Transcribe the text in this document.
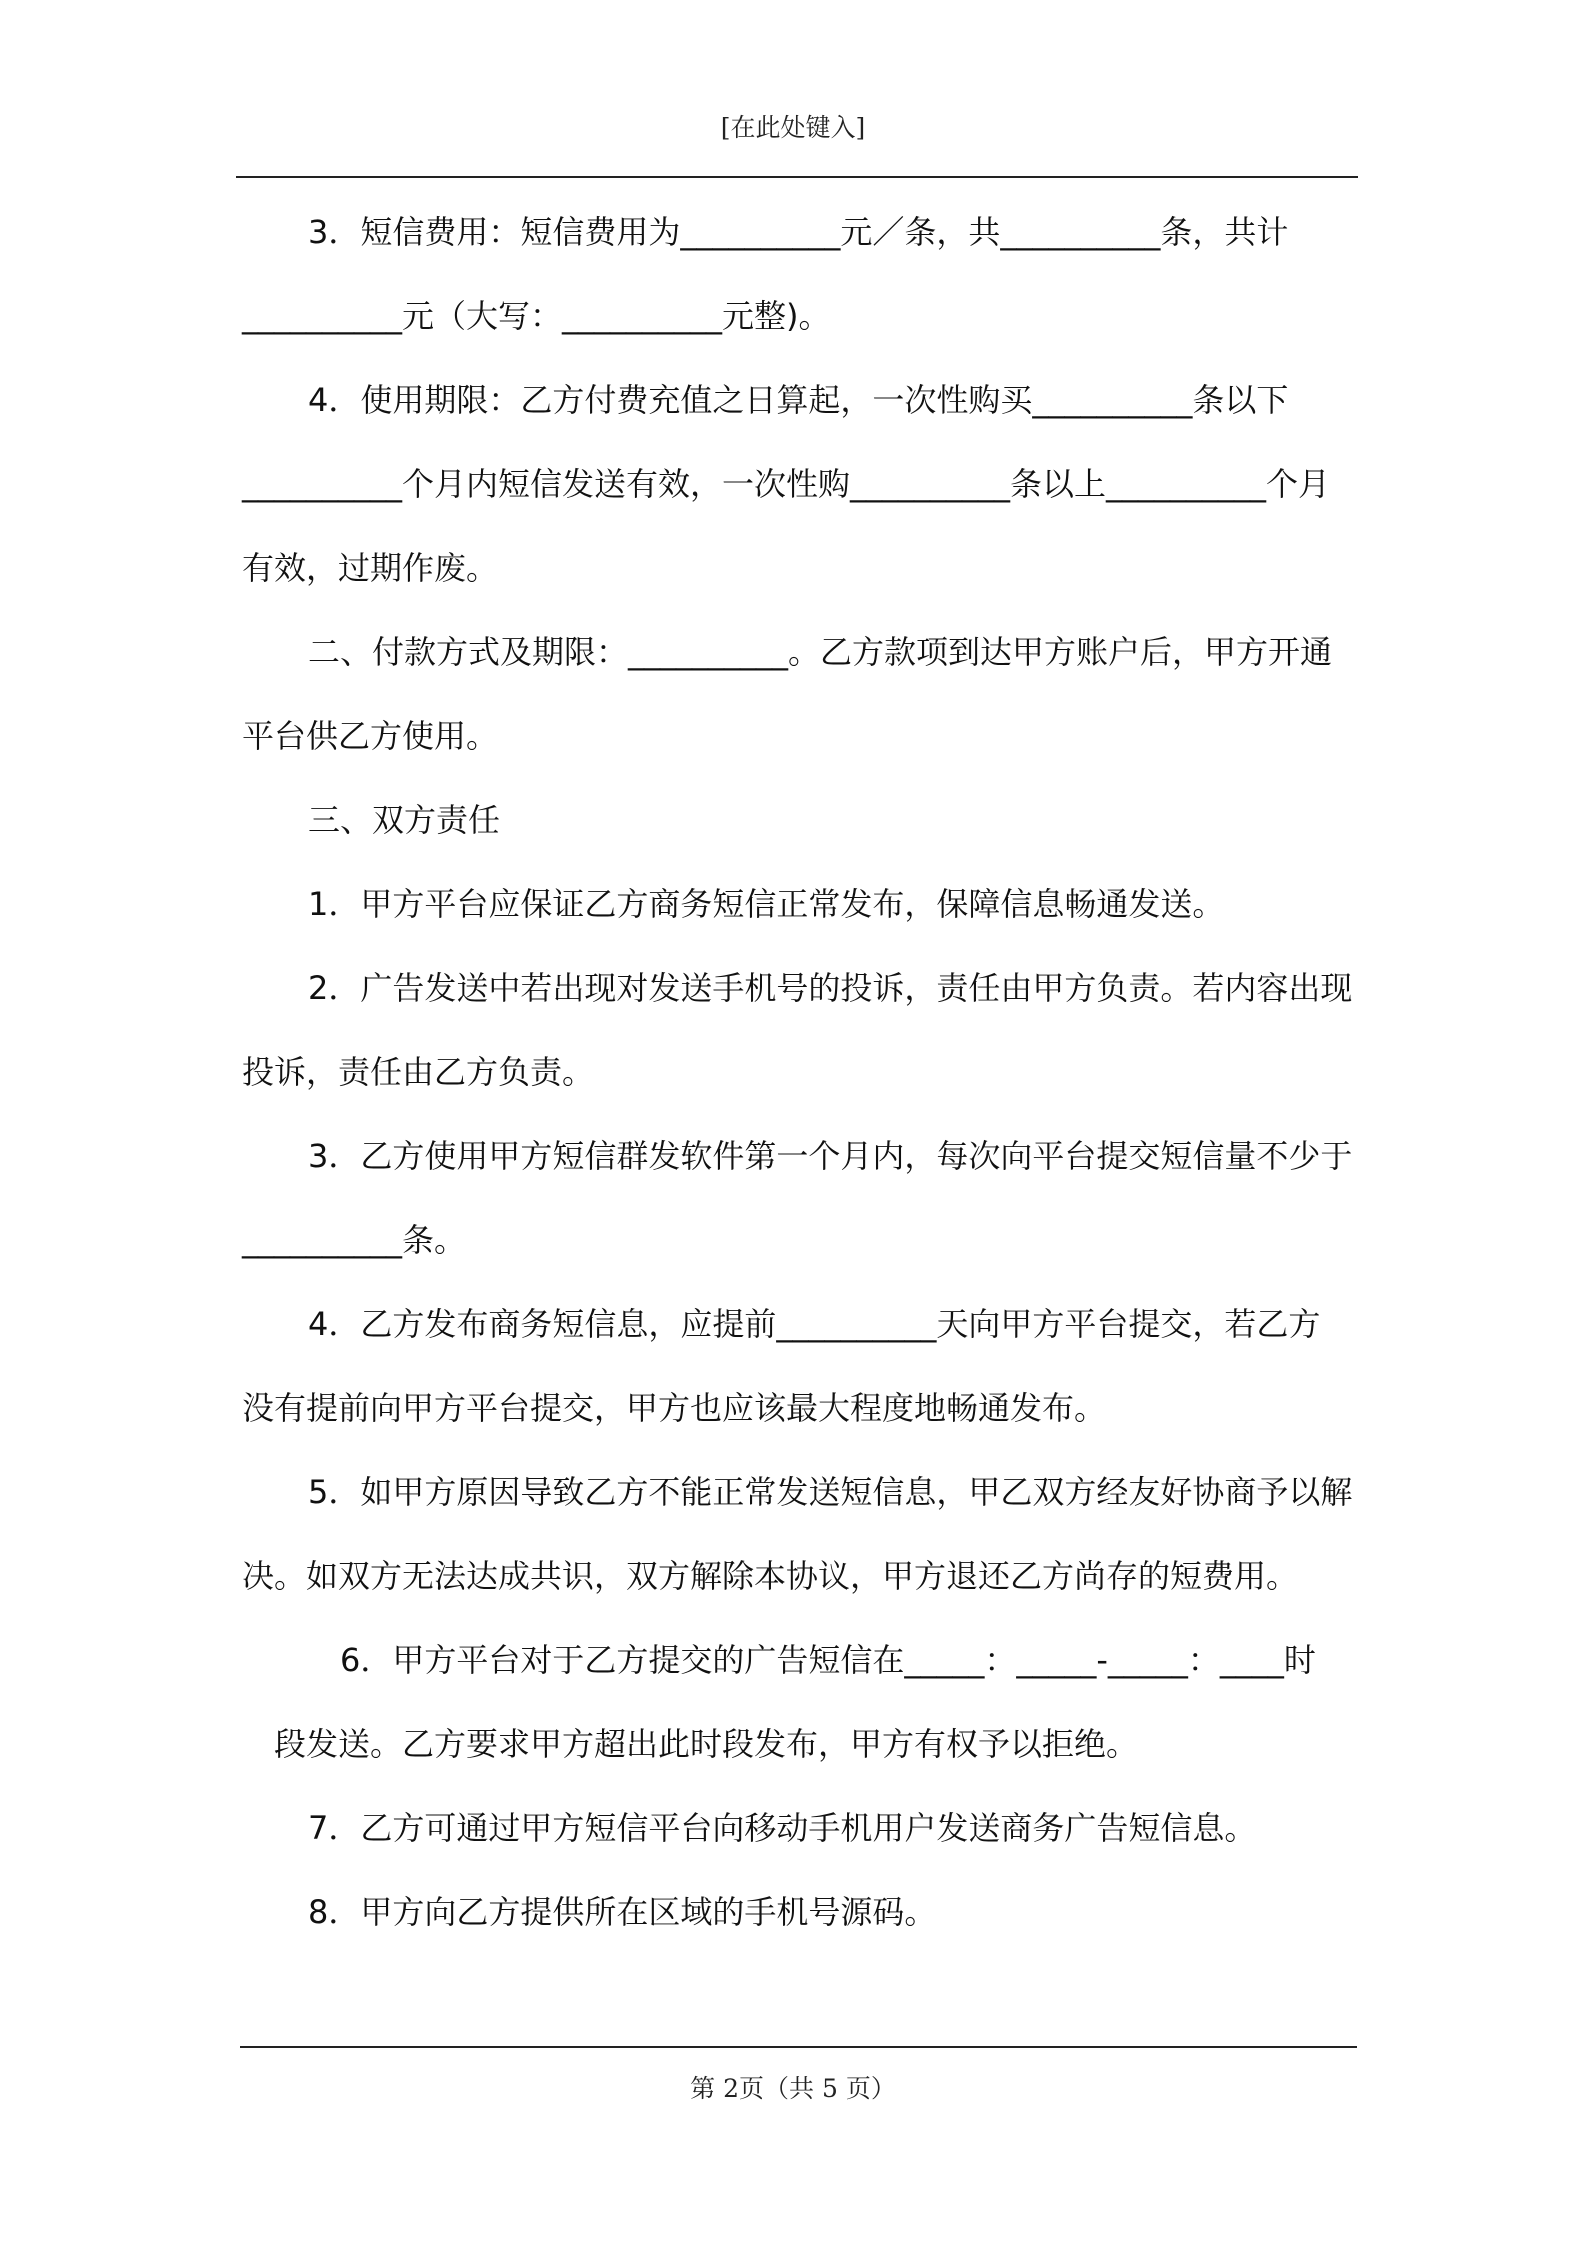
[在此处键入]
3．短信费用：短信费用为__________元／条，共__________条，共计
__________元（大写：__________元整)。
4．使用期限：乙方付费充值之日算起，一次性购买__________条以下
__________个月内短信发送有效，一次性购__________条以上__________个月
有效，过期作废。
二、付款方式及期限：__________。乙方款项到达甲方账户后，甲方开通
平台供乙方使用。
三、双方责任
1．甲方平台应保证乙方商务短信正常发布，保障信息畅通发送。
2．广告发送中若出现对发送手机号的投诉，责任由甲方负责。若内容出现
投诉，责任由乙方负责。
3．乙方使用甲方短信群发软件第一个月内，每次向平台提交短信量不少于
__________条。
4．乙方发布商务短信息，应提前__________天向甲方平台提交，若乙方
没有提前向甲方平台提交，甲方也应该最大程度地畅通发布。
5．如甲方原因导致乙方不能正常发送短信息，甲乙双方经友好协商予以解
决。如双方无法达成共识，双方解除本协议，甲方退还乙方尚存的短费用。
6．甲方平台对于乙方提交的广告短信在_____：_____-_____：____时
段发送。乙方要求甲方超出此时段发布，甲方有权予以拒绝。
7．乙方可通过甲方短信平台向移动手机用户发送商务广告短信息。
8．甲方向乙方提供所在区域的手机号源码。
第 2页（共 5 页）
